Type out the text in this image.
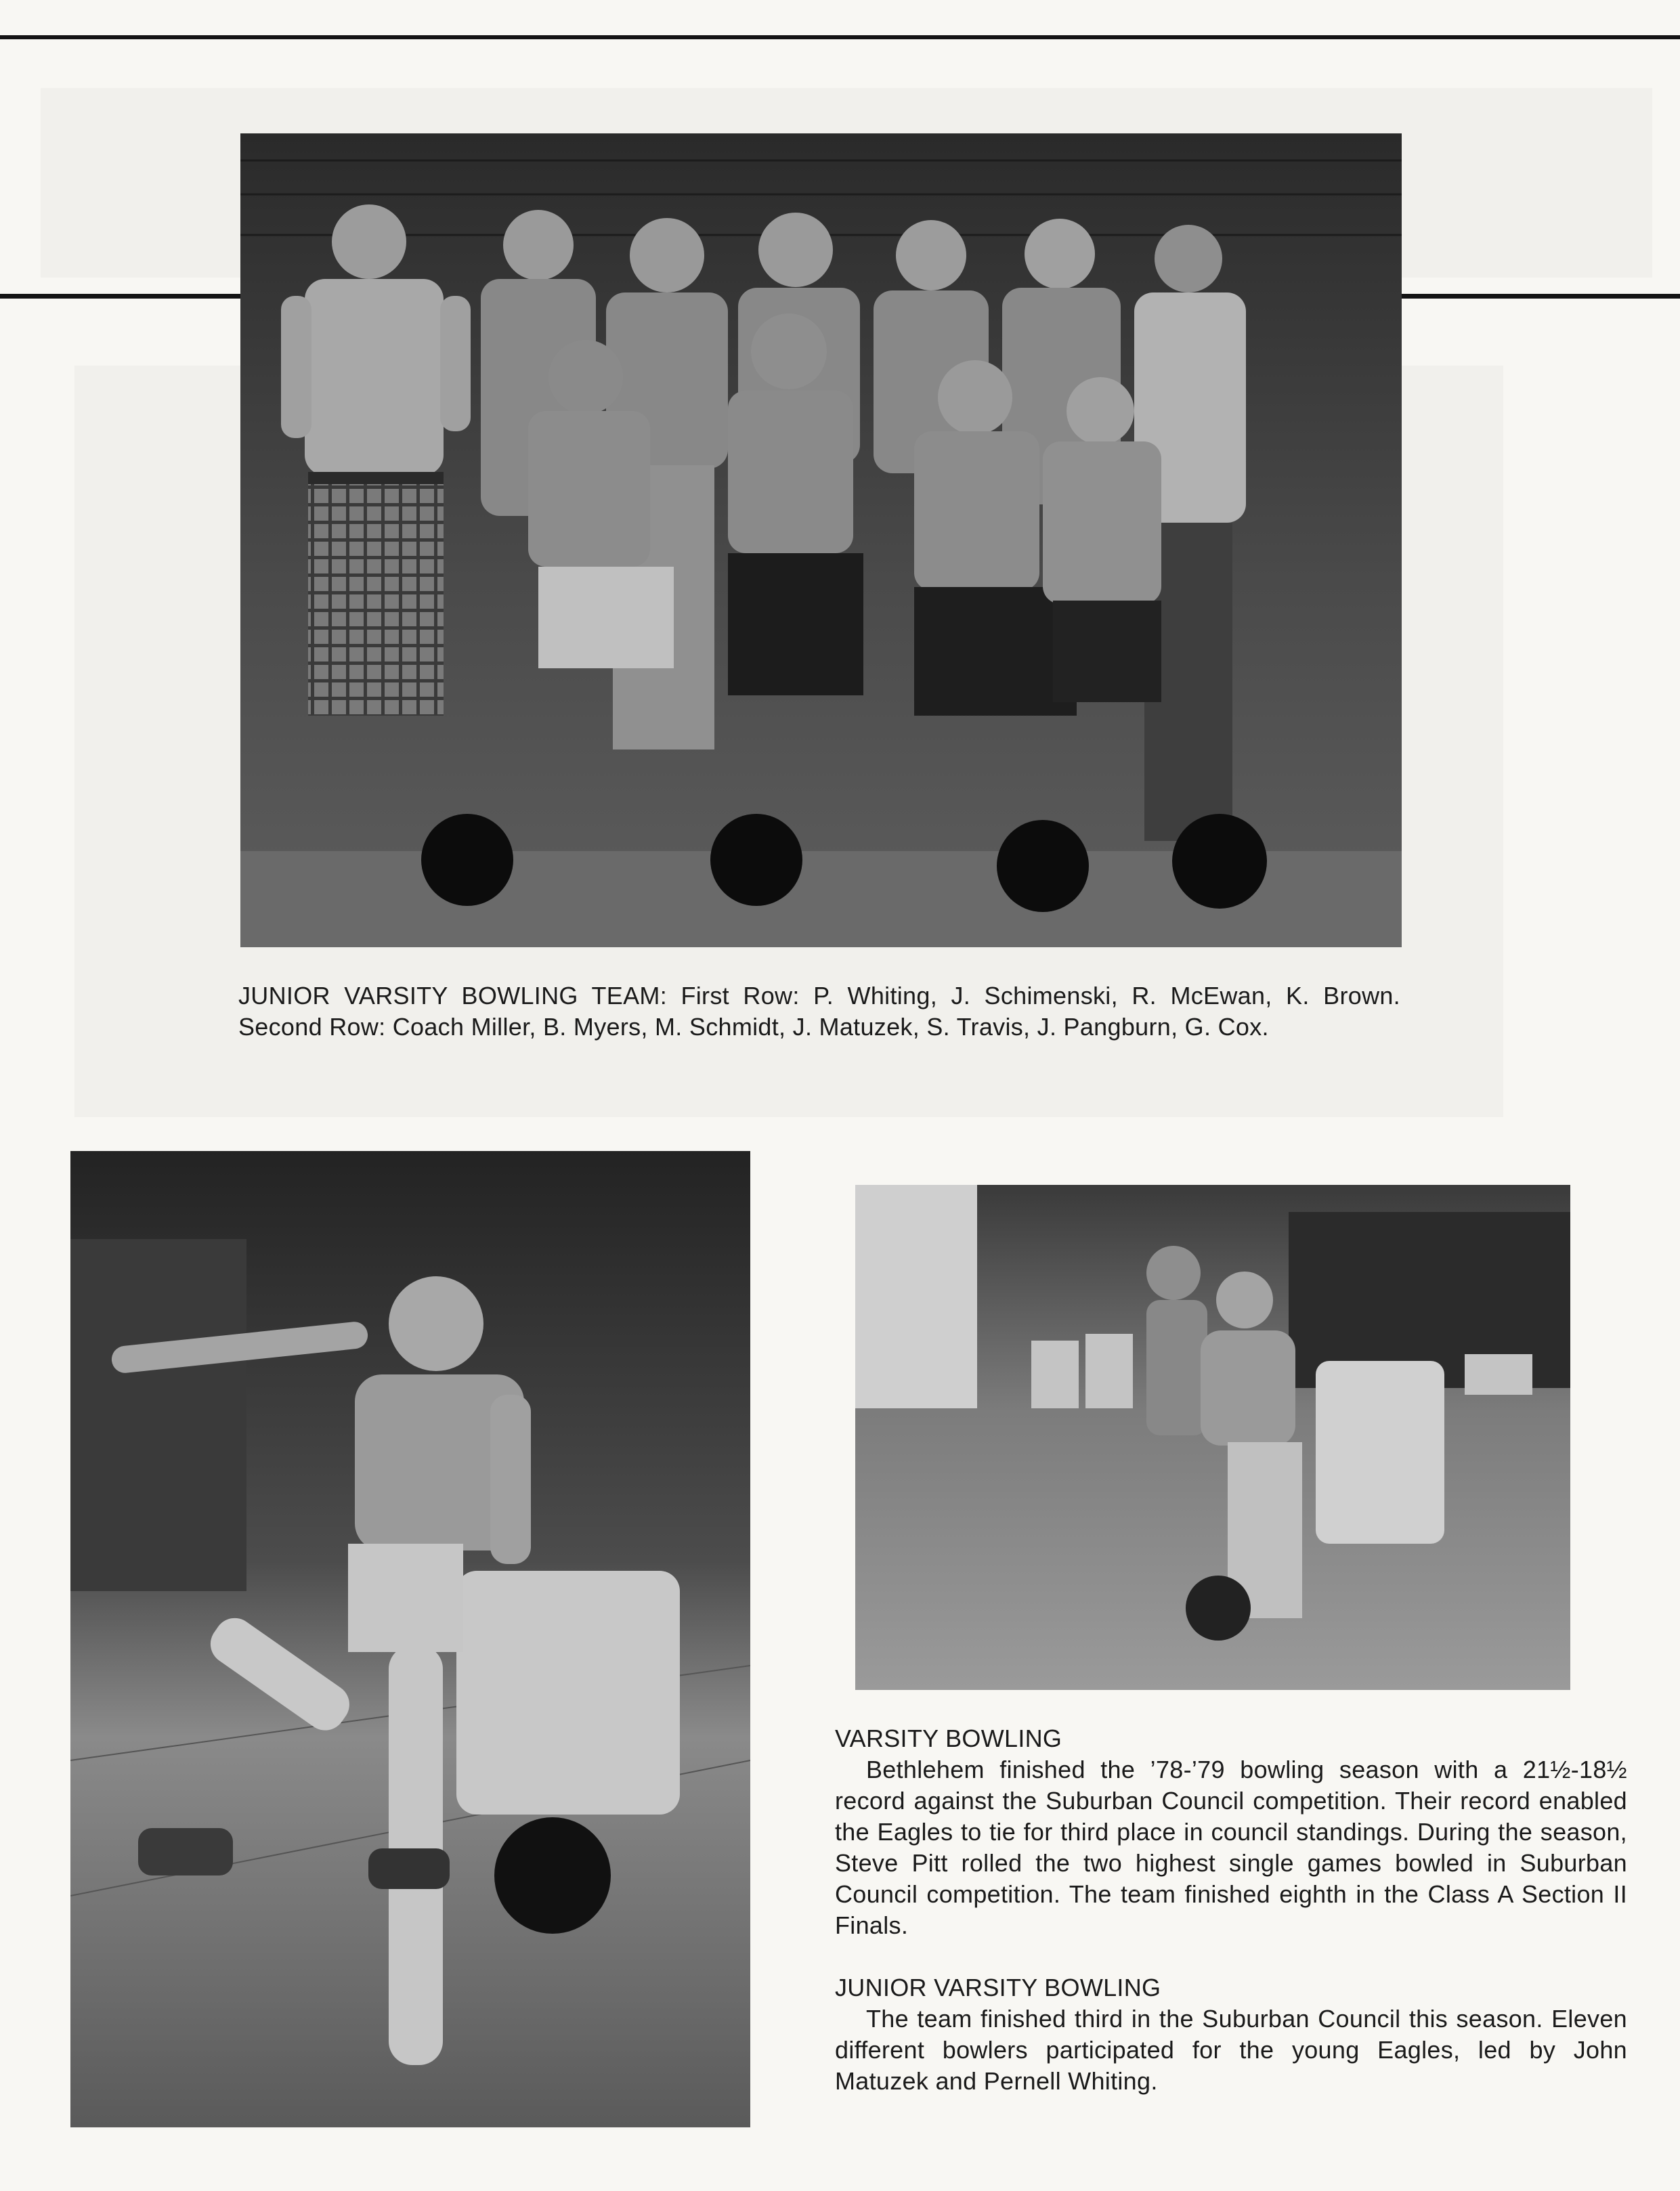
JUNIOR VARSITY BOWLING TEAM: First Row: P. Whiting, J. Schimenski, R. McEwan, K. Brown. Second Row: Coach Miller, B. Myers, M. Schmidt, J. Matuzek, S. Travis, J. Pangburn, G. Cox.

VARSITY BOWLING

Bethlehem finished the ’78-’79 bowling season with a 21½-18½ record against the Suburban Council competition. Their record enabled the Eagles to tie for third place in council standings. During the season, Steve Pitt rolled the two highest single games bowled in Suburban Council competition. The team finished eighth in the Class A Section II Finals.

JUNIOR VARSITY BOWLING

The team finished third in the Suburban Council this season. Eleven different bowlers participated for the young Eagles, led by John Matuzek and Pernell Whiting.
